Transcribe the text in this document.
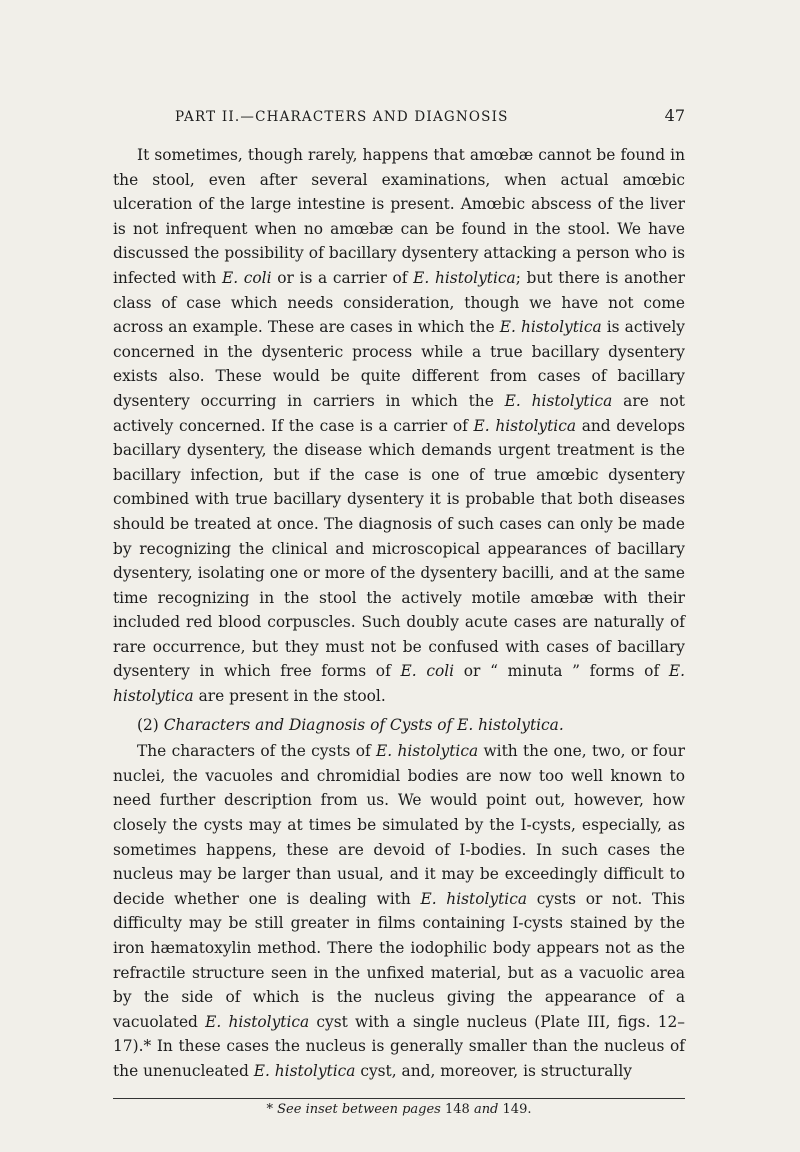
PART II.—CHARACTERS AND DIAGNOSIS	47

It sometimes, though rarely, happens that amœbæ cannot be found in the stool, even after several examinations, when actual amœbic ulceration of the large intestine is present. Amœbic abscess of the liver is not infrequent when no amœbæ can be found in the stool. We have discussed the possibility of bacillary dysentery attacking a person who is infected with E. coli or is a carrier of E. histolytica; but there is another class of case which needs consideration, though we have not come across an example. These are cases in which the E. histolytica is actively concerned in the dysenteric process while a true bacillary dysentery exists also. These would be quite different from cases of bacillary dysentery occurring in carriers in which the E. histolytica are not actively concerned. If the case is a carrier of E. histolytica and develops bacillary dysentery, the disease which demands urgent treatment is the bacillary infection, but if the case is one of true amœbic dysentery combined with true bacillary dysentery it is probable that both diseases should be treated at once. The diagnosis of such cases can only be made by recognizing the clinical and microscopical appearances of bacillary dysentery, isolating one or more of the dysentery bacilli, and at the same time recognizing in the stool the actively motile amœbæ with their included red blood corpuscles. Such doubly acute cases are naturally of rare occurrence, but they must not be confused with cases of bacillary dysentery in which free forms of E. coli or “ minuta ” forms of E. histolytica are present in the stool.

(2) Characters and Diagnosis of Cysts of E. histolytica.

The characters of the cysts of E. histolytica with the one, two, or four nuclei, the vacuoles and chromidial bodies are now too well known to need further description from us. We would point out, however, how closely the cysts may at times be simulated by the I-cysts, especially, as sometimes happens, these are devoid of I-bodies. In such cases the nucleus may be larger than usual, and it may be exceedingly difficult to decide whether one is dealing with E. histolytica cysts or not. This difficulty may be still greater in films containing I-cysts stained by the iron hæmatoxylin method. There the iodophilic body appears not as the refractile structure seen in the unfixed material, but as a vacuolic area by the side of which is the nucleus giving the appearance of a vacuolated E. histolytica cyst with a single nucleus (Plate III, figs. 12–17).* In these cases the nucleus is generally smaller than the nucleus of the unenucleated E. histolytica cyst, and, moreover, is structurally

* See inset between pages 148 and 149.
